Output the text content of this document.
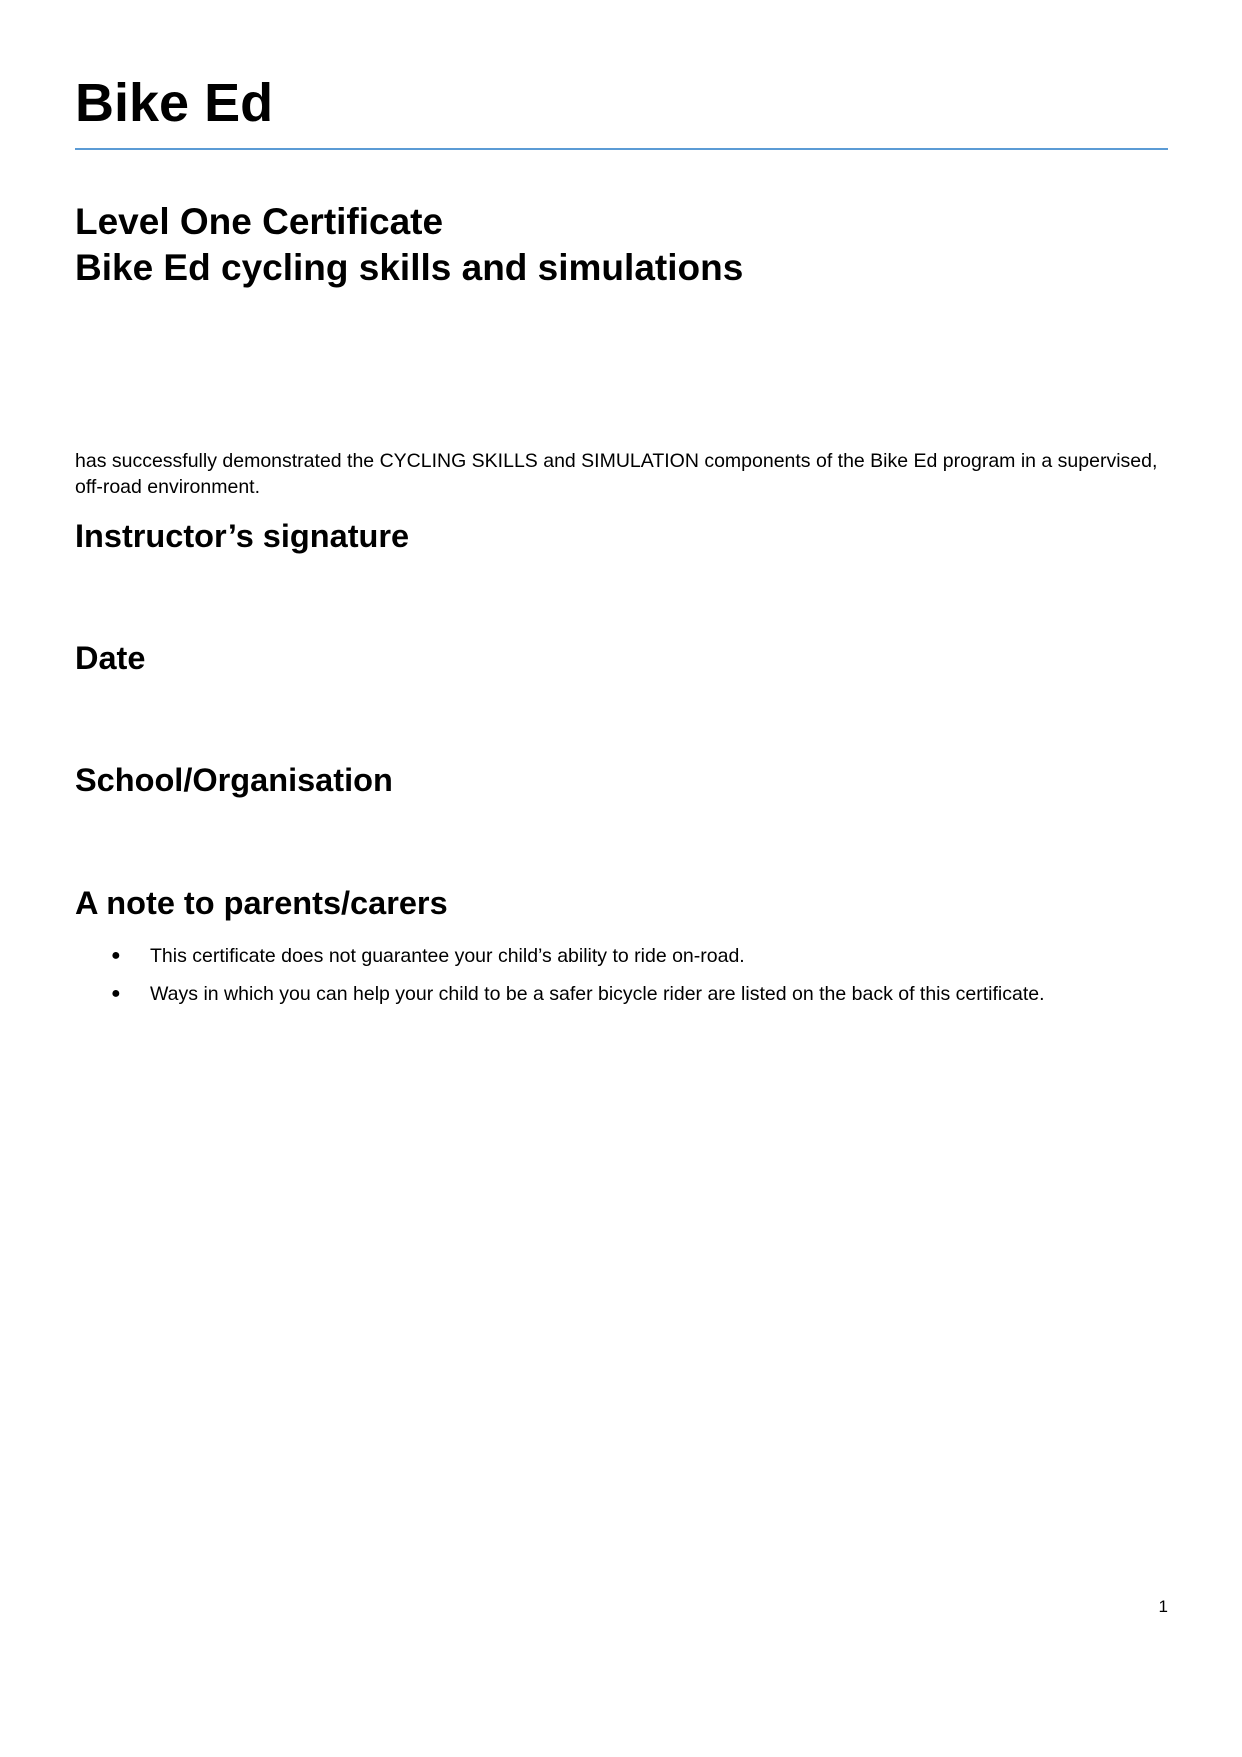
Bike Ed
Level One Certificate
Bike Ed cycling skills and simulations

has successfully demonstrated the CYCLING SKILLS and SIMULATION components of the Bike Ed program in a supervised, off-road environment.

Instructor’s signature
Date
School/Organisation
A note to parents/carers
● This certificate does not guarantee your child’s ability to ride on-road.
● Ways in which you can help your child to be a safer bicycle rider are listed on the back of this certificate.

1
